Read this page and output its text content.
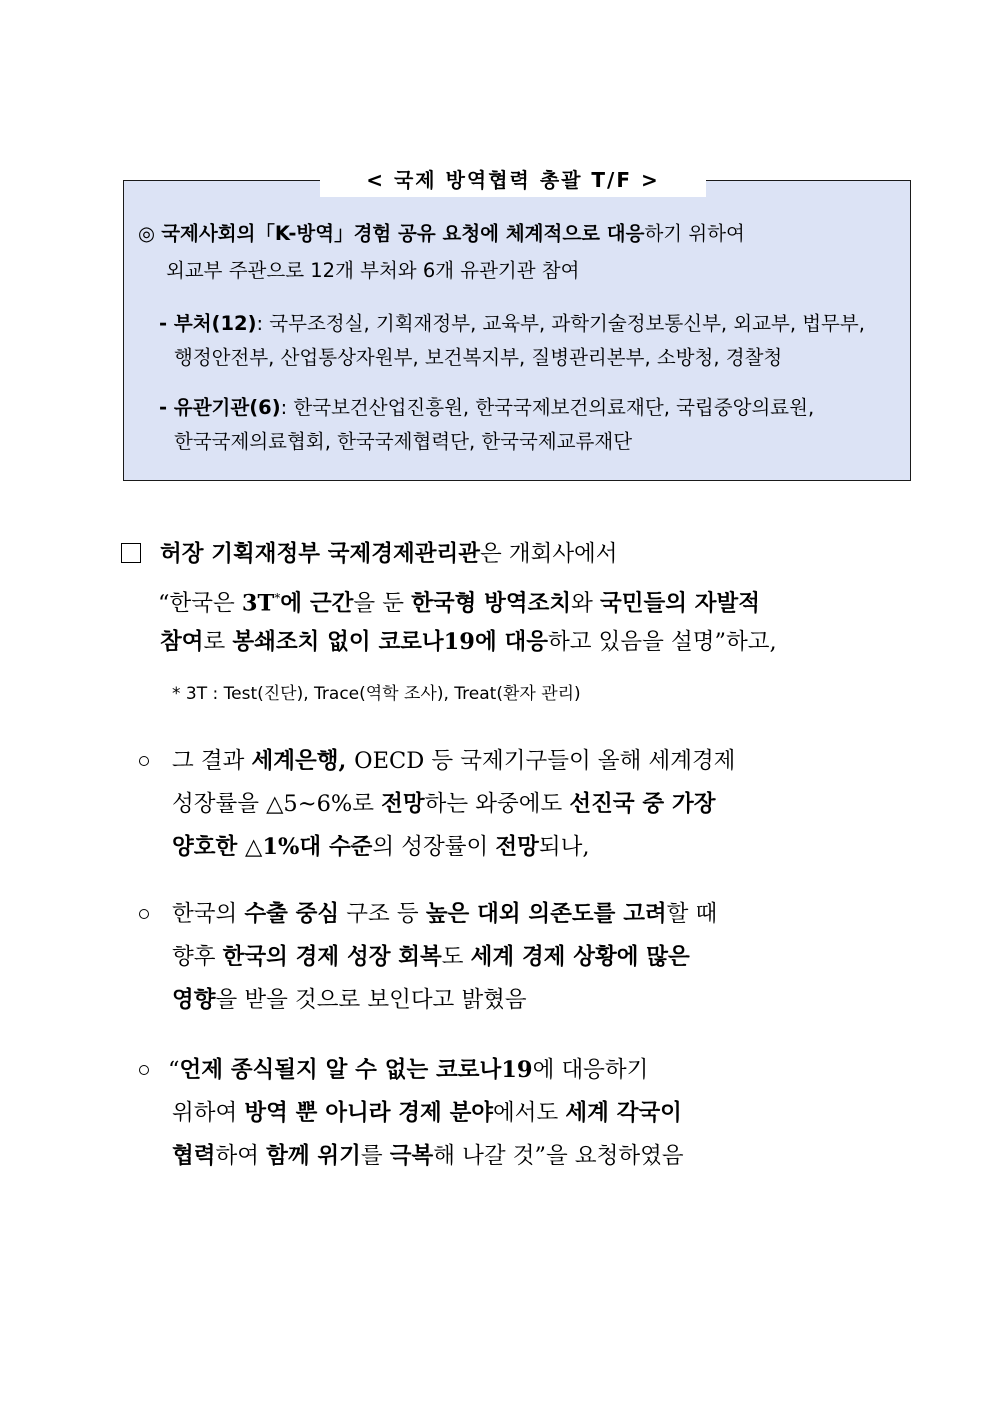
◎ 국제사회의「K-방역」경험 공유 요청에 체계적으로 대응하기 위하여
외교부 주관으로 12개 부처와 6개 유관기관 참여
- 부처(12): 국무조정실, 기획재정부, 교육부, 과학기술정보통신부, 외교부, 법무부,
행정안전부, 산업통상자원부, 보건복지부, 질병관리본부, 소방청, 경찰청
- 유관기관(6): 한국보건산업진흥원, 한국국제보건의료재단, 국립중앙의료원,
한국국제의료협회, 한국국제협력단, 한국국제교류재단
< 국제 방역협력 총괄 T/F >
허장 기획재정부 국제경제관리관은 개회사에서
“한국은 3T*에 근간을 둔 한국형 방역조치와 국민들의 자발적
참여로 봉쇄조치 없이 코로나19에 대응하고 있음을 설명”하고,
* 3T : Test(진단), Trace(역학 조사), Treat(환자 관리)
그 결과 세계은행, OECD 등 국제기구들이 올해 세계경제
성장률을 △5~6%로 전망하는 와중에도 선진국 중 가장
양호한 △1%대 수준의 성장률이 전망되나,
한국의 수출 중심 구조 등 높은 대외 의존도를 고려할 때
향후 한국의 경제 성장 회복도 세계 경제 상황에 많은
영향을 받을 것으로 보인다고 밝혔음
“언제 종식될지 알 수 없는 코로나19에 대응하기
위하여 방역 뿐 아니라 경제 분야에서도 세계 각국이
협력하여 함께 위기를 극복해 나갈 것”을 요청하였음
